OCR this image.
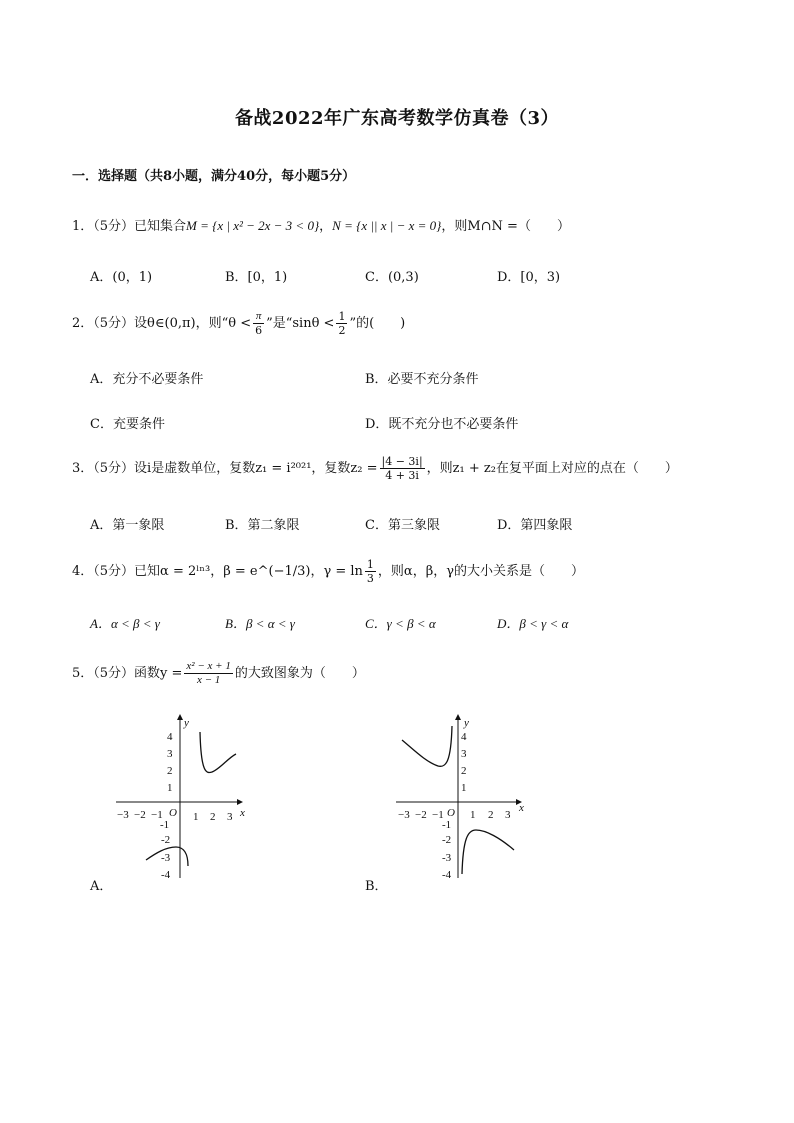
备战2022年广东高考数学仿真卷（3）
一．选择题（共8小题，满分40分，每小题5分）
1．（5分）已知集合M = {x | x² − 2x − 3 < 0}，N = {x || x | − x = 0}，则M∩N =（　　）
A．(0，1)	B．[0，1)	C．(0,3)	D．[0，3)
2．（5分）设θ∈(0,π)，则“$\theta < \frac{\pi}{6}$ ”是“$\sin\theta < \frac{1}{2}$ ”的(　　)
A．充分不必要条件	B．必要不充分条件
C．充要条件	D．既不充分也不必要条件
3．（5分）设i是虚数单位，复数z₁ = i²⁰²¹，复数$z_2 = \frac{|4 - 3i|}{4 + 3i}$ ，则z₁ + z₂在复平面上对应的点在（　　）
A．第一象限	B．第二象限	C．第三象限	D．第四象限
4．（5分）已知α = 2ˡⁿ³，β = e^(−1/3)，$\gamma = \ln \frac{1}{3}$ ，则α，β，γ的大小关系是（　　）
A．α < β < γ	B．β < α < γ	C．γ < β < α	D．β < γ < α
5．（5分）函数$y = \frac{\text{x² − x + 1}}{x - 1}$ 的大致图象为（　　）
x
y
O
4
3
2
1
-1
-2
-3
-4
−3 −2 −1	1 2 3
A．
x
y
O
4
3
2
1
-1
-2
-3
-4
−3 −2 −1 1 2 3
B．
